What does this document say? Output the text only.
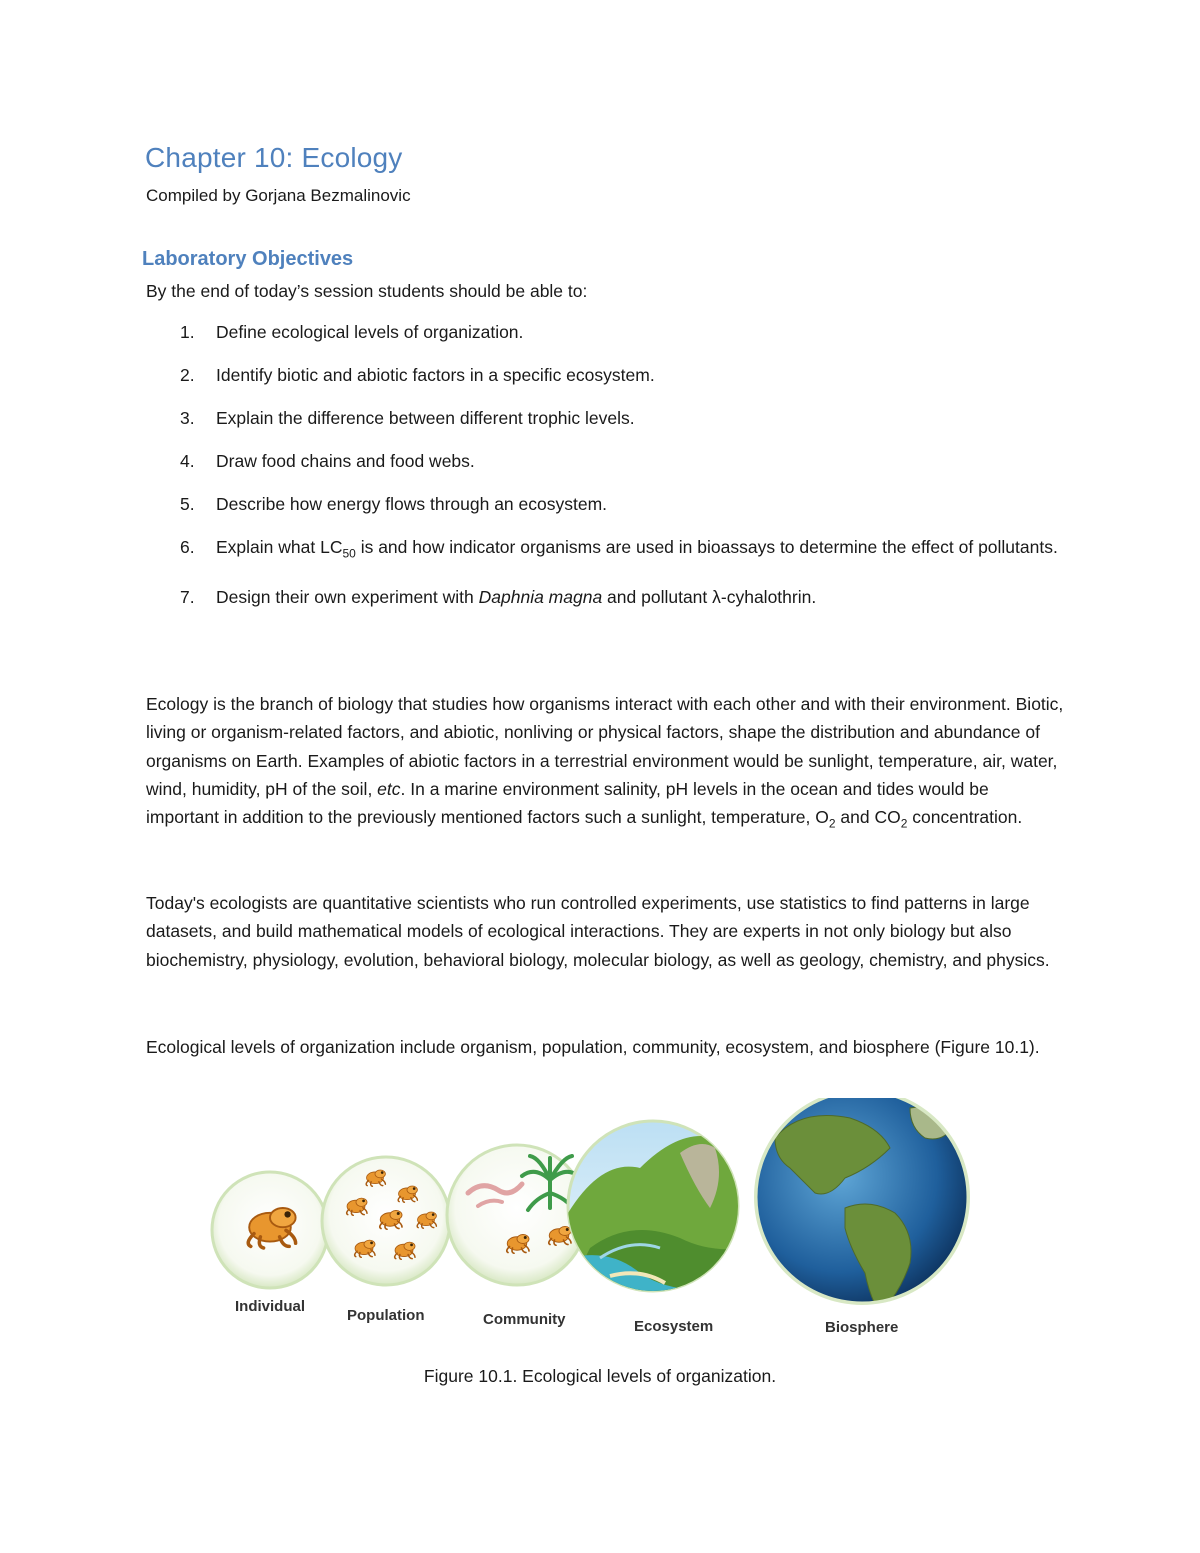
Chapter 10: Ecology

Compiled by Gorjana Bezmalinovic

Laboratory Objectives

By the end of today’s session students should be able to:

1. Define ecological levels of organization.
2. Identify biotic and abiotic factors in a specific ecosystem.
3. Explain the difference between different trophic levels.
4. Draw food chains and food webs.
5. Describe how energy flows through an ecosystem.
6. Explain what $LC_{50}$ is and how indicator organisms are used in bioassays to determine the effect of pollutants.
7. Design their own experiment with Daphnia magna and pollutant λ-cyhalothrin.

Ecology is the branch of biology that studies how organisms interact with each other and with their environment. Biotic, living or organism-related factors, and abiotic, nonliving or physical factors, shape the distribution and abundance of organisms on Earth. Examples of abiotic factors in a terrestrial environment would be sunlight, temperature, air, water, wind, humidity, pH of the soil, etc. In a marine environment salinity, pH levels in the ocean and tides would be important in addition to the previously mentioned factors such a sunlight, temperature, $O_2$ and $CO_2$ concentration.

Today's ecologists are quantitative scientists who run controlled experiments, use statistics to find patterns in large datasets, and build mathematical models of ecological interactions. They are experts in not only biology but also biochemistry, physiology, evolution, behavioral biology, molecular biology, as well as geology, chemistry, and physics.

Ecological levels of organization include organism, population, community, ecosystem, and biosphere (Figure 10.1).

Individual
Population	Community	Ecosystem	Biosphere

Figure 10.1. Ecological levels of organization.
